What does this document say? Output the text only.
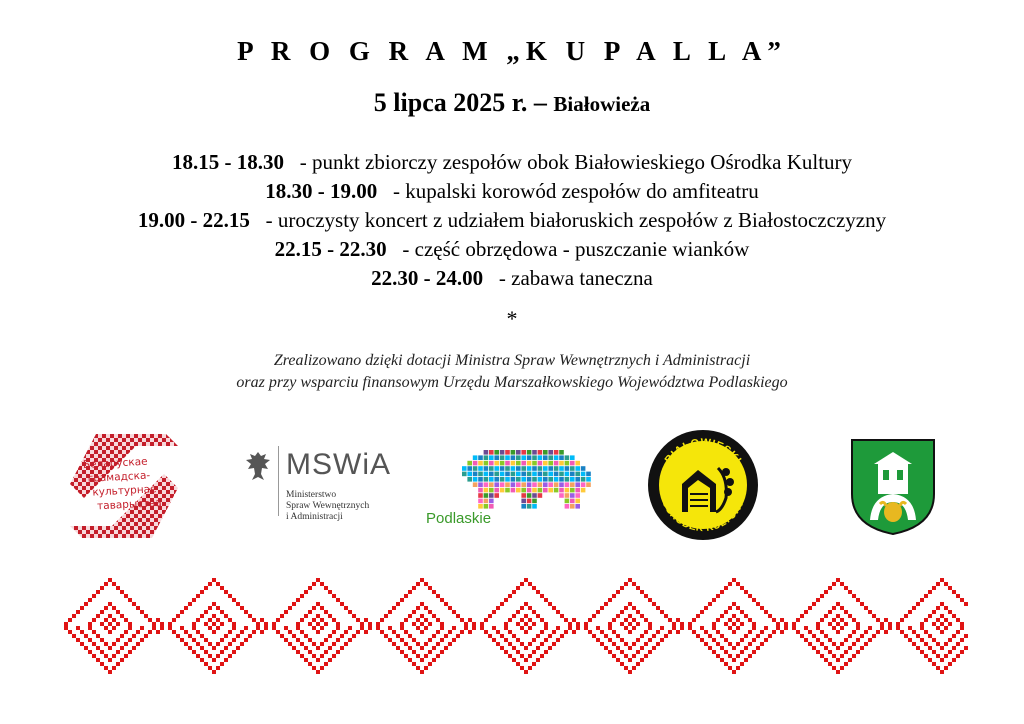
P R O G R A M „K U P A L L A”
5 lipca 2025 r. – Białowieża
18.15 - 18.30 - punkt zbiorczy zespołów obok Białowieskiego Ośrodka Kultury
18.30 - 19.00 - kupalski korowód zespołów do amfiteatru
19.00 - 22.15 - uroczysty koncert z udziałem białoruskich zespołów z Białostoczczyzny
22.15 - 22.30 - część obrzędowa - puszczanie wianków
22.30 - 24.00 - zabawa taneczna
*
Zrealizowano dzięki dotacji Ministra Spraw Wewnętrznych i Administracji
oraz przy wsparciu finansowym Urzędu Marszałkowskiego Województwa Podlaskiego
Беларускае
грамадска-
культурнае
таварыства
MSWiA
Ministerstwo
Spraw Wewnętrznych
i Administracji	Podlaskie
BIAŁOWIESKI
OŚRODEK KULTURY
